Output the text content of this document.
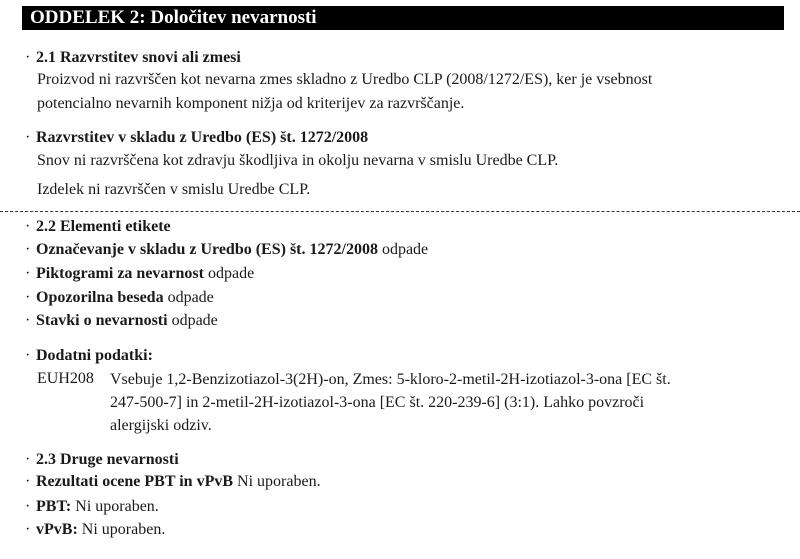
ODDELEK 2: Določitev nevarnosti
· 2.1 Razvrstitev snovi ali zmesi
Proizvod ni razvrščen kot nevarna zmes skladno z Uredbo CLP (2008/1272/ES), ker je vsebnost
potencialno nevarnih komponent nižja od kriterijev za razvrščanje.
· Razvrstitev v skladu z Uredbo (ES) št. 1272/2008
Snov ni razvrščena kot zdravju škodljiva in okolju nevarna v smislu Uredbe CLP.
Izdelek ni razvrščen v smislu Uredbe CLP.
· 2.2 Elementi etikete
· Označevanje v skladu z Uredbo (ES) št. 1272/2008 odpade
· Piktogrami za nevarnost odpade
· Opozorilna beseda odpade
· Stavki o nevarnosti odpade
· Dodatni podatki:
EUH208 Vsebuje 1,2-Benzizotiazol-3(2H)-on, Zmes: 5-kloro-2-metil-2H-izotiazol-3-ona [EC št.
247-500-7] in 2-metil-2H-izotiazol-3-ona [EC št. 220-239-6] (3:1). Lahko povzroči
alergijski odziv.
· 2.3 Druge nevarnosti
· Rezultati ocene PBT in vPvB Ni uporaben.
· PBT: Ni uporaben.
· vPvB: Ni uporaben.
